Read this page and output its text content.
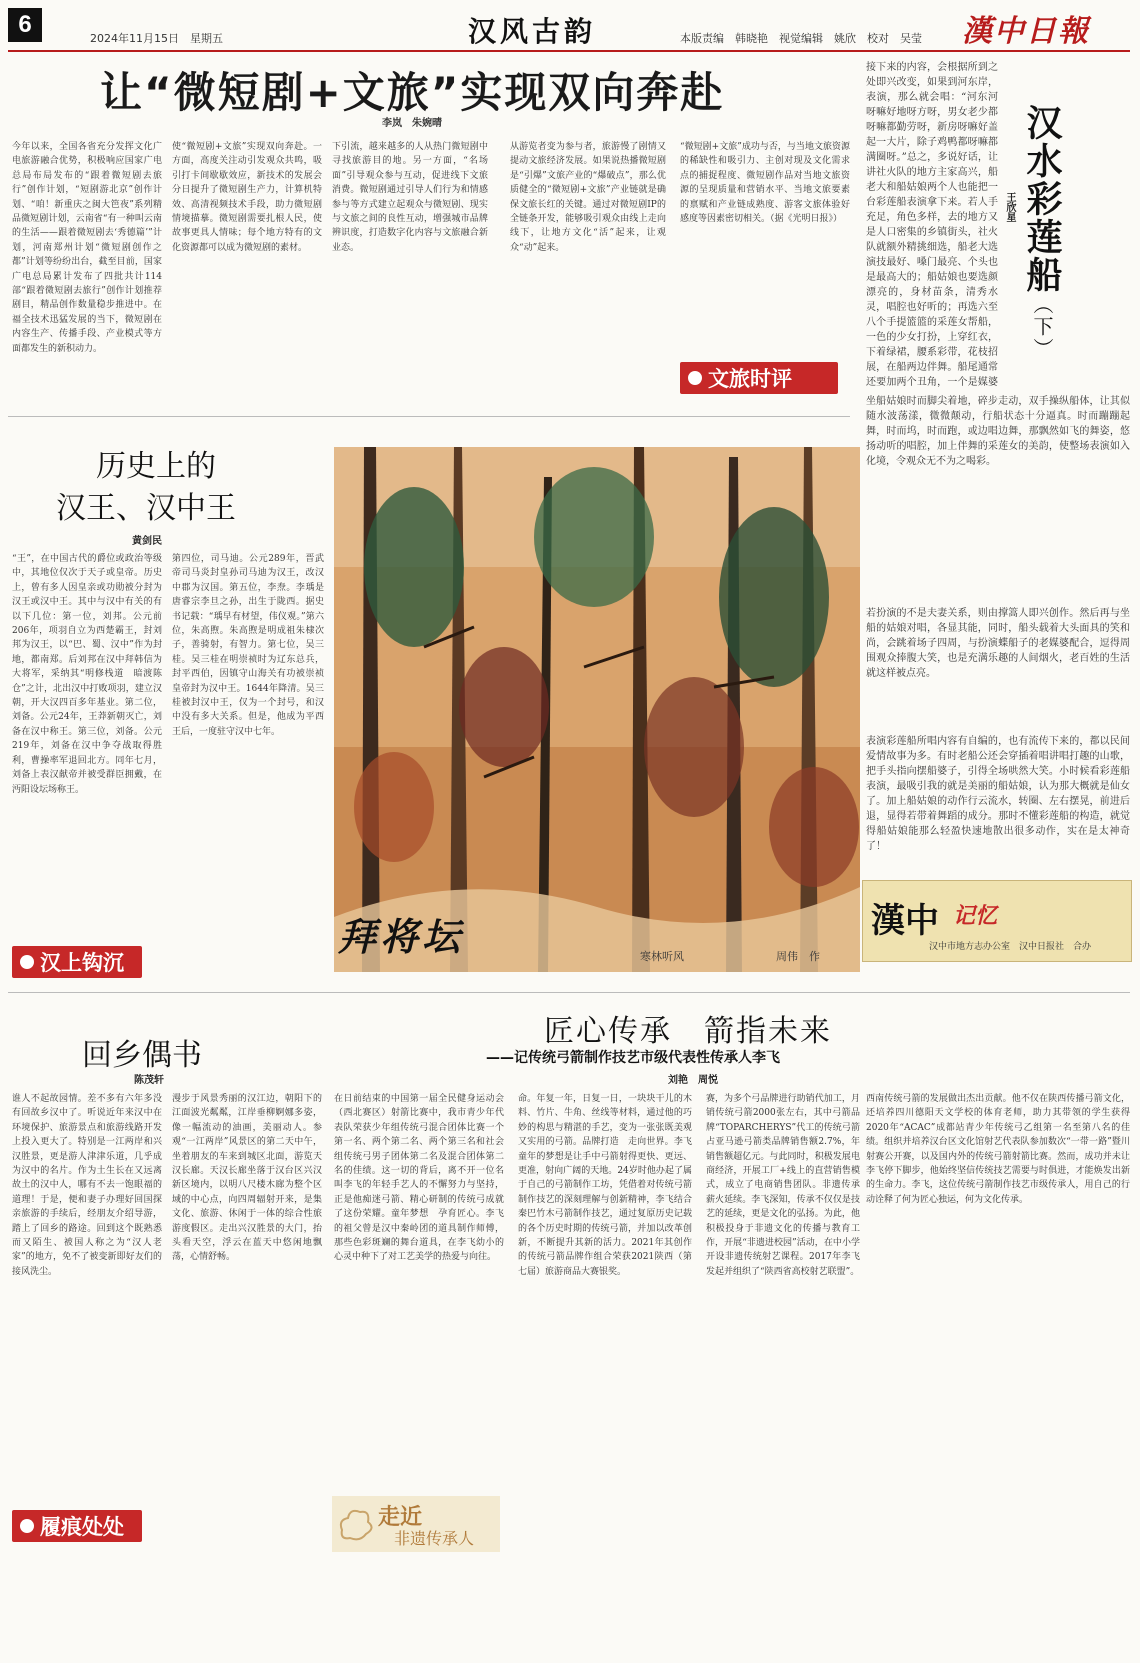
6
2024年11月15日　星期五	汉风古韵	本版责编　韩晓艳　视觉编辑　姚欣　校对　吴莹 漢中日報
让“微短剧+文旅”实现双向奔赴
李岚　朱婉晴
今年以来，全国各省充分发挥文化广电旅游融合优势，积极响应国家广电总局布局发布的“跟着微短剧去旅行”创作计划，“短剧游北京”创作计划、“咱！新重庆之闽大笆夜”系列精品微短剧计划，云南省“有一种叫云南的生活——跟着微短剧去‘秀德篇’”计划，河南郑州计划“微短剧创作之都”计划等纷纷出台，截至目前，国家广电总局累计发布了四批共计114部“跟着微短剧去旅行”创作计划推荐剧目，精品创作数量稳步推进中。在福全技术迅猛发展的当下，微短剧在内容生产、传播手段、产业模式等方面都发生的新积动力。
使“微短剧+文旅”实现双向奔赴。一方面，高度关注动引发观众共鸣，吸引打卡间歇歇效应，新技术的发展会分日提升了微短剧生产力，计算机特效、高清视频技术手段，助力微短剧情境描摹。微短剧需要扎根人民，使故事更具人情味；每个地方特有的文化资源都可以成为微短剧的素材。
下引流，越来越多的人从热门微短剧中寻找旅游目的地。另一方面，“名场面”引导观众参与互动，促进线下文旅消费。微短剧通过引导人们行为和情感参与等方式建立起观众与微短剧、现实与文旅之间的良性互动，增强城市品牌辨识度，打造数字化内容与文旅融合新业态。
从游览者变为参与者，旅游慢了剧情又提动文旅经济发展。如果说热播微短剧是“引爆”文旅产业的“爆破点”，那么优质健全的“微短剧+文旅”产业链就是确保文旅长红的关键。通过对微短剧IP的全链条开发，能够吸引观众由线上走向线下，让地方文化“活”起来，让观众“动”起来。
“微短剧+文旅”成功与否，与当地文旅资源的稀缺性和吸引力、主创对现及文化需求点的捕捉程度、微短剧作品对当地文旅资源的呈现质量和营销水平、当地文旅要素的禀赋和产业链成熟度、游客文旅体验好感度等因素密切相关。（据《光明日报》）
文旅时评
汉水彩莲船（下）
王欣星
接下来的内容，会根据所到之处即兴改变，如果到河东岸，表演，那么就会唱：“河东河呀嘛好地呀方呀，男女老少都呀嘛都勤劳呀，新房呀嘛好盖起一大片，除子鸡鸭都呀嘛都满圈呀。”总之，多说好话，让讲社火队的地方主家高兴，船老大和船姑娘两个人也能把一台彩莲船表演拿下来。若人手充足，角色多样，去的地方又是人口密集的乡镇街头，社火队就额外精挑细选，船老大选演技最好、嗓门最亮、个头也是最高大的；船姑娘也要选颜漂亮的，身材苗条，清秀水灵，唱腔也好听的；再选六至八个手提篮篮的采莲女帮船，一色的少女打扮，上穿红衣，下着绿裙，腰系彩带，花枝招展，在船两边伴舞。船尾通常还要加两个丑角，一个是媒婆
坐船姑娘时而脚尖着地，碎步走动，双手操纵船体，让其似随水波荡漾，微微颠动，行船状态十分逼真。时而蹦蹦起舞，时而坞，时而跑，或边唱边舞，那飘然如飞的舞姿，悠扬动听的唱腔，加上伴舞的采莲女的美韵，使整场表演如入化境，令观众无不为之喝彩。
若扮演的不是夫妻关系，则由撑篙人即兴创作。然后再与坐船的姑娘对唱，各显其能，同时，船头载着大头面具的笑和尚，会跳着场子四周，与扮演蝶船子的老媒婆配合，逗得周围观众捧腹大笑，也是充满乐趣的人间烟火，老百姓的生活就这样被点亮。
表演彩莲船所唱内容有自编的，也有流传下来的，都以民间爱情故事为多。有时老船公还会穿插着唱讲唱打趣的山歌，把手头指向摆船婆子，引得全场哄然大笑。小时候看彩莲船表演，最吸引我的就是美丽的船姑娘，认为那大概就是仙女了。加上船姑娘的动作行云流水，转圈、左右摆晃，前进后退，显得若带着舞蹈的成分。那时不懂彩莲船的构造，就觉得船姑娘能那么轻盈快速地散出很多动作，实在是太神奇了！
漢中 记忆
汉中市地方志办公室　汉中日报社　合办
历史上的
汉王、汉中王
黄剑民
“王”，在中国古代的爵位或政治等级中，其地位仅次于天子或皇帝。历史上，曾有多人因皇亲或功勋被分封为汉王或汉中王。其中与汉中有关的有以下几位：第一位，刘邦。公元前206年，项羽自立为西楚霸王，封刘邦为汉王，以“巴、蜀、汉中”作为封地，都南郑。后刘邦在汉中拜韩信为大将军，采纳其“明修栈道　暗渡陈仓”之计，北出汉中打败项羽，建立汉朝，开大汉四百多年基业。第二位，刘备。公元24年，王莽新朝灭亡，刘备在汉中称王。第三位，刘备。公元219年，刘备在汉中争夺战取得胜利，曹操率军退回北方。同年七月，刘备上表汉献帝并被受群臣拥戴，在沔阳设坛场称王。
第四位，司马迪。公元289年，晋武帝司马炎封皇孙司马迪为汉王，改汉中郡为汉国。第五位，李焘。李瑀是唐睿宗李旦之孙，出生于陇西。据史书记载：“瑀早有材望，伟仪观。”第六位，朱高煦。朱高煦是明成祖朱棣次子，善骑射，有智力。第七位，吴三桂。吴三桂在明崇祯时为辽东总兵，封平西伯，因镇守山海关有功被崇祯皇帝封为汉中王。1644年降清。吴三桂被封汉中王，仅为一个封号，和汉中没有多大关系。但是，他成为平西王后，一度驻守汉中七年。
汉上钩沉
拜将坛	寒林听风	周伟　作
回乡偶书
陈茂轩
谁人不起故园情。差不多有六年多没有回故乡汉中了。听说近年来汉中在环境保护、旅游景点和旅游线路开发上投入更大了。特别是一江两岸和兴汉胜景，更是游人津津乐道，几乎成为汉中的名片。作为土生长在又远离故土的汉中人，哪有不去一饱眼福的道理！于是，便和妻子办理好回国探亲旅游的手续后，经朋友介绍导游，踏上了回乡的路途。回到这个既熟悉而又陌生、被国人称之为“汉人老家”的地方，免不了被变新即好友们的接风洗尘。
漫步于风景秀丽的汉江边，朝阳下的江面波光粼粼，江岸垂柳婀娜多姿，像一幅流动的油画，美丽动人。参观“一江两岸”风景区的第二天中午，坐着朋友的车来到城区北面，游览天汉长廊。天汉长廊坐落于汉台区兴汉新区境内，以明八尺楼木廊为整个区域的中心点，向四周辐射开来，是集文化、旅游、休闲于一体的综合性旅游度假区。走出兴汉胜景的大门，抬头看天空，浮云在蓝天中悠闲地飘荡，心情舒畅。
履痕处处
匠心传承　箭指未来
——记传统弓箭制作技艺市级代表性传承人李飞
刘艳　周悦
在日前结束的中国第一届全民健身运动会（西北赛区）射箭比赛中，我市青少年代表队荣获少年组传统弓混合团体比赛一个第一名、两个第二名、两个第三名和社会组传统弓男子团体第二名及混合团体第二名的佳绩。这一切的背后，离不开一位名叫李飞的年轻手艺人的不懈努力与坚持，正是他痴迷弓箭、精心研制的传统弓成就了这份荣耀。童年梦想　孕育匠心。李飞的祖父曾是汉中秦岭团的道具制作师傅，那些色彩斑斓的舞台道具，在李飞幼小的心灵中种下了对工艺美学的热爱与向往。
命。年复一年，日复一日，一块块干儿的木料、竹片、牛角、丝线等材料，通过他的巧妙的构思与精湛的手艺，变为一张张既美观又实用的弓箭。品牌打造　走向世界。李飞童年的梦想是让手中弓箭射得更快、更远、更准，射向广阔的天地。24岁时他办起了属于自己的弓箭制作工坊，凭借着对传统弓箭制作技艺的深刻理解与创新精神，李飞结合秦巴竹木弓箭制作技艺，通过复原历史记载的各个历史时期的传统弓箭，并加以改革创新，不断提升其新的活力。2021年其创作的传统弓箭品牌作组合荣获2021陕西（第七届）旅游商品大赛银奖。
赛，为多个弓品牌进行助销代加工，月销传统弓箭2000张左右，其中弓箭品牌“TOPARCHERYS”代工的传统弓箭占亚马逊弓箭类品牌销售额2.7%，年销售额超亿元。与此同时，积极发展电商经济，开展工厂+线上的直营销售模式，成立了电商销售团队。非遗传承　薪火延续。李飞深知，传承不仅仅是技艺的延续，更是文化的弘扬。为此，他积极投身于非遗文化的传播与教育工作，开展“非遗进校园”活动，在中小学开设非遗传统射艺课程。2017年李飞发起并组织了“陕西省高校射艺联盟”。
西南传统弓箭的发展做出杰出贡献。他不仅在陕西传播弓箭文化，还培养四川德阳天文学校的体育老师，助力其带领的学生获得2020年“ACAC”成都站青少年传统弓乙组第一名至第八名的佳绩。组织并培养汉台区文化馆射艺代表队参加数次“一带一路”暨川射赛公开赛，以及国内外的传统弓箭射箭比赛。然而，成功并未让李飞停下脚步，他始终坚信传统技艺需要与时俱进，才能焕发出新的生命力。李飞，这位传统弓箭制作技艺市级传承人，用自己的行动诠释了何为匠心独运，何为文化传承。
走近
非遗传承人
